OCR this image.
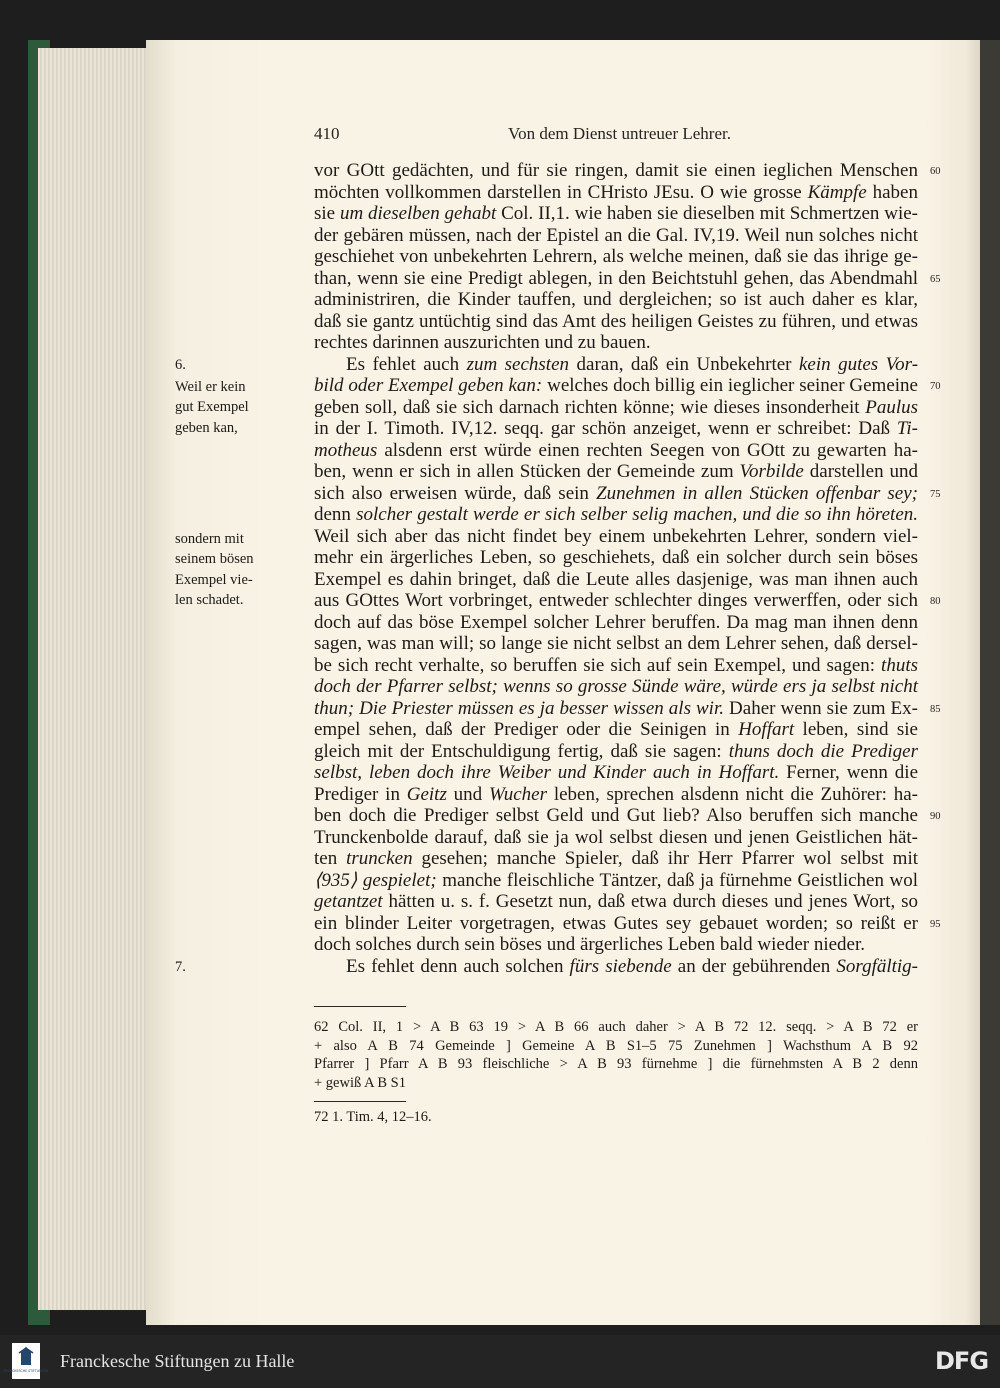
410	Von dem Dienst untreuer Lehrer.
vor GOtt gedächten, und für sie ringen, damit sie einen ieglichen Menschen
möchten vollkommen darstellen in CHristo JEsu. O wie grosse Kämpfe haben
sie um dieselben gehabt Col. II,1. wie haben sie dieselben mit Schmertzen wie-
der gebären müssen, nach der Epistel an die Gal. IV,19. Weil nun solches nicht
geschiehet von unbekehrten Lehrern, als welche meinen, daß sie das ihrige ge-
than, wenn sie eine Predigt ablegen, in den Beichtstuhl gehen, das Abendmahl
administriren, die Kinder tauffen, und dergleichen; so ist auch daher es klar,
daß sie gantz untüchtig sind das Amt des heiligen Geistes zu führen, und etwas
rechtes darinnen auszurichten und zu bauen.
Es fehlet auch zum sechsten daran, daß ein Unbekehrter kein gutes Vor-
bild oder Exempel geben kan: welches doch billig ein ieglicher seiner Gemeine
geben soll, daß sie sich darnach richten könne; wie dieses insonderheit Paulus
in der I. Timoth. IV,12. seqq. gar schön anzeiget, wenn er schreibet: Daß Ti-
motheus alsdenn erst würde einen rechten Seegen von GOtt zu gewarten ha-
ben, wenn er sich in allen Stücken der Gemeinde zum Vorbilde darstellen und
sich also erweisen würde, daß sein Zunehmen in allen Stücken offenbar sey;
denn solcher gestalt werde er sich selber selig machen, und die so ihn höreten.
Weil sich aber das nicht findet bey einem unbekehrten Lehrer, sondern viel-
mehr ein ärgerliches Leben, so geschiehets, daß ein solcher durch sein böses
Exempel es dahin bringet, daß die Leute alles dasjenige, was man ihnen auch
aus GOttes Wort vorbringet, entweder schlechter dinges verwerffen, oder sich
doch auf das böse Exempel solcher Lehrer beruffen. Da mag man ihnen denn
sagen, was man will; so lange sie nicht selbst an dem Lehrer sehen, daß dersel-
be sich recht verhalte, so beruffen sie sich auf sein Exempel, und sagen: thuts
doch der Pfarrer selbst; wenns so grosse Sünde wäre, würde ers ja selbst nicht
thun; Die Priester müssen es ja besser wissen als wir. Daher wenn sie zum Ex-
empel sehen, daß der Prediger oder die Seinigen in Hoffart leben, sind sie
gleich mit der Entschuldigung fertig, daß sie sagen: thuns doch die Prediger
selbst, leben doch ihre Weiber und Kinder auch in Hoffart. Ferner, wenn die
Prediger in Geitz und Wucher leben, sprechen alsdenn nicht die Zuhörer: ha-
ben doch die Prediger selbst Geld und Gut lieb? Also beruffen sich manche
Trunckenbolde darauf, daß sie ja wol selbst diesen und jenen Geistlichen hät-
ten truncken gesehen; manche Spieler, daß ihr Herr Pfarrer wol selbst mit
⟨935⟩ gespielet; manche fleischliche Täntzer, daß ja fürnehme Geistlichen wol
getantzet hätten u. s. f. Gesetzt nun, daß etwa durch dieses und jenes Wort, so
ein blinder Leiter vorgetragen, etwas Gutes sey gebauet worden; so reißt er
doch solches durch sein böses und ärgerliches Leben bald wieder nieder.
Es fehlet denn auch solchen fürs siebende an der gebührenden Sorgfältig-
6.
Weil er kein
gut Exempel
geben kan,
sondern mit
seinem bösen
Exempel vie-
len schadet.
7.
60
65
70
75
80
85
90
95
62 Col. II, 1 > A B 63 19 > A B 66 auch daher > A B 72 12. seqq. > A B 72 er
+ also A B 74 Gemeinde ] Gemeine A B S1–5 75 Zunehmen ] Wachsthum A B 92
Pfarrer ] Pfarr A B 93 fleischliche > A B 93 fürnehme ] die fürnehmsten A B 2 denn
+ gewiß A B S1
72 1. Tim. 4, 12–16.
FRANCKESCHE STIFTUNGEN Franckesche Stiftungen zu Halle	DFG
